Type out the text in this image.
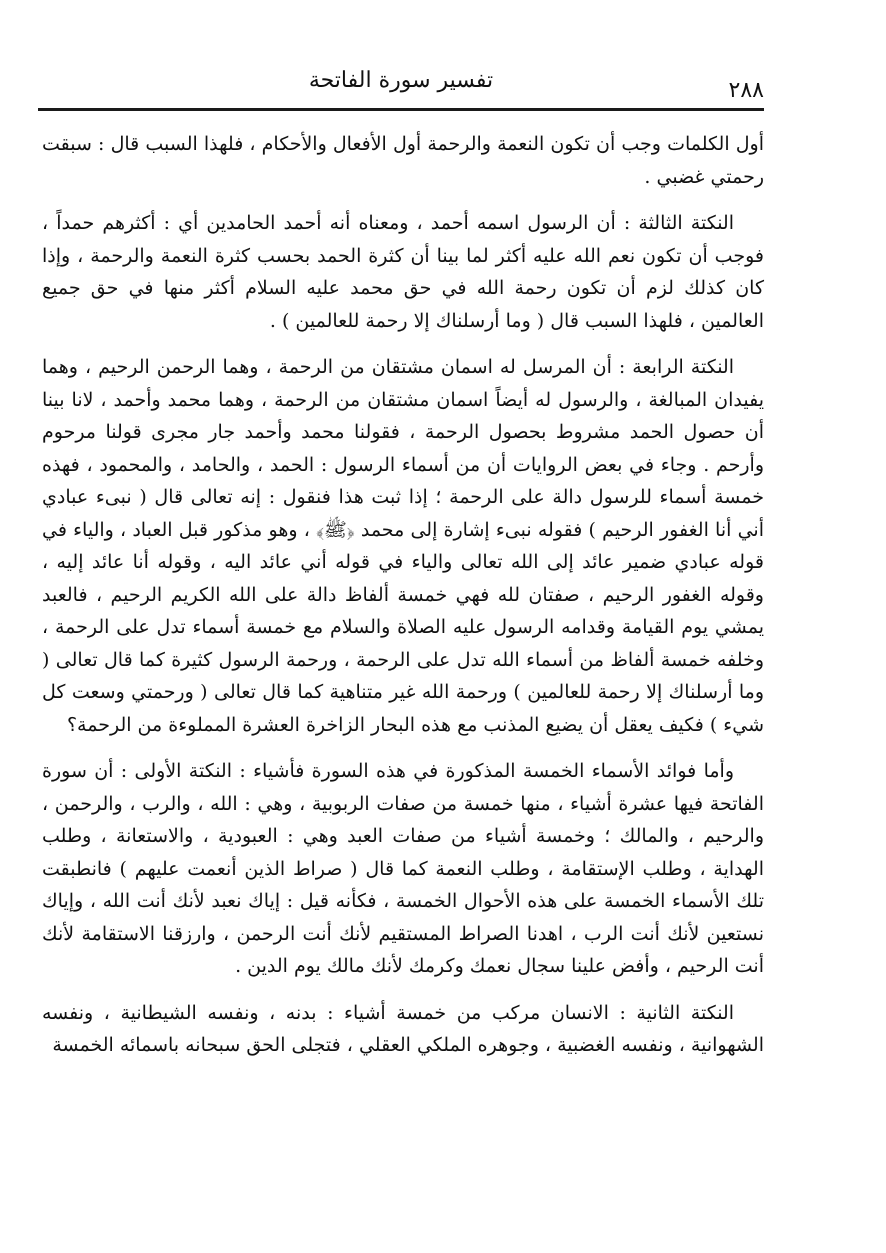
تفسير سورة الفاتحة	٢٨٨

أول الكلمات وجب أن تكون النعمة والرحمة أول الأفعال والأحكام ، فلهذا السبب قال : سبقت رحمتي غضبي .

النكتة الثالثة : أن الرسول اسمه أحمد ، ومعناه أنه أحمد الحامدين أي : أكثرهم حمداً ، فوجب أن تكون نعم الله عليه أكثر لما بينا أن كثرة الحمد بحسب كثرة النعمة والرحمة ، وإذا كان كذلك لزم أن تكون رحمة الله في حق محمد عليه السلام أكثر منها في حق جميع العالمين ، فلهذا السبب قال ( وما أرسلناك إلا رحمة للعالمين ) .

النكتة الرابعة : أن المرسل له اسمان مشتقان من الرحمة ، وهما الرحمن الرحيم ، وهما يفيدان المبالغة ، والرسول له أيضاً اسمان مشتقان من الرحمة ، وهما محمد وأحمد ، لانا بينا أن حصول الحمد مشروط بحصول الرحمة ، فقولنا محمد وأحمد جار مجرى قولنا مرحوم وأرحم . وجاء في بعض الروايات أن من أسماء الرسول : الحمد ، والحامد ، والمحمود ، فهذه خمسة أسماء للرسول دالة على الرحمة ؛ إذا ثبت هذا فنقول : إنه تعالى قال ( نبىء عبادي أني أنا الغفور الرحيم ) فقوله نبىء إشارة إلى محمد ﴿ﷺ﴾ ، وهو مذكور قبل العباد ، والياء في قوله عبادي ضمير عائد إلى الله تعالى والياء في قوله أني عائد اليه ، وقوله أنا عائد إليه ، وقوله الغفور الرحيم ، صفتان لله فهي خمسة ألفاظ دالة على الله الكريم الرحيم ، فالعبد يمشي يوم القيامة وقدامه الرسول عليه الصلاة والسلام مع خمسة أسماء تدل على الرحمة ، وخلفه خمسة ألفاظ من أسماء الله تدل على الرحمة ، ورحمة الرسول كثيرة كما قال تعالى ( وما أرسلناك إلا رحمة للعالمين ) ورحمة الله غير متناهية كما قال تعالى ( ورحمتي وسعت كل شيء ) فكيف يعقل أن يضيع المذنب مع هذه البحار الزاخرة العشرة المملوءة من الرحمة؟

وأما فوائد الأسماء الخمسة المذكورة في هذه السورة فأشياء : النكتة الأولى : أن سورة الفاتحة فيها عشرة أشياء ، منها خمسة من صفات الربوبية ، وهي : الله ، والرب ، والرحمن ، والرحيم ، والمالك ؛ وخمسة أشياء من صفات العبد وهي : العبودية ، والاستعانة ، وطلب الهداية ، وطلب الإستقامة ، وطلب النعمة كما قال ( صراط الذين أنعمت عليهم ) فانطبقت تلك الأسماء الخمسة على هذه الأحوال الخمسة ، فكأنه قيل : إياك نعبد لأنك أنت الله ، وإياك نستعين لأنك أنت الرب ، اهدنا الصراط المستقيم لأنك أنت الرحمن ، وارزقنا الاستقامة لأنك أنت الرحيم ، وأفض علينا سجال نعمك وكرمك لأنك مالك يوم الدين .

النكتة الثانية : الانسان مركب من خمسة أشياء : بدنه ، ونفسه الشيطانية ، ونفسه الشهوانية ، ونفسه الغضبية ، وجوهره الملكي العقلي ، فتجلى الحق سبحانه باسمائه الخمسة
